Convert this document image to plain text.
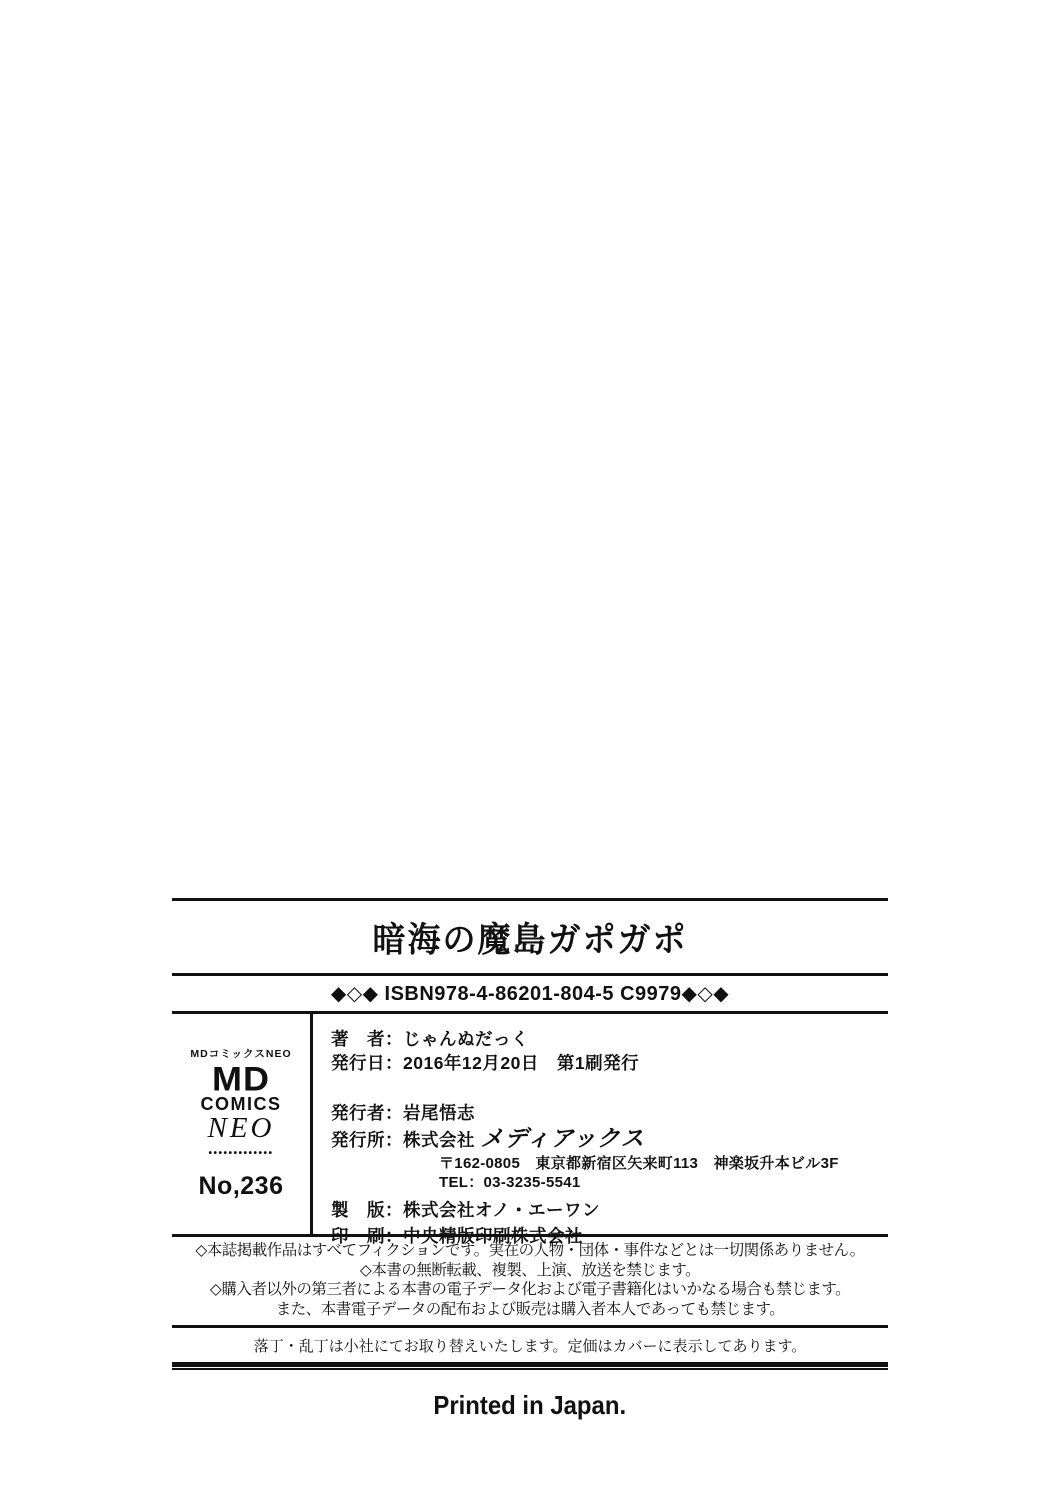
暗海の魔島ガポガポ
◆◇◆ ISBN978-4-86201-804-5 C9979◆◇◆
MDコミックスNEO
MD
COMICS
NEO
•••••••••••••
No,236
著　者：じゃんぬだっく
発行日：2016年12月20日　第1刷発行
発行者：岩尾悟志
発行所：株式会社 メディアックス
〒162-0805　東京都新宿区矢来町113　神楽坂升本ビル3F
TEL：03-3235-5541
製　版：株式会社オノ・エーワン
印　刷：中央精版印刷株式会社
◇本誌掲載作品はすべてフィクションです。実在の人物・団体・事件などとは一切関係ありません。
◇本書の無断転載、複製、上演、放送を禁じます。
◇購入者以外の第三者による本書の電子データ化および電子書籍化はいかなる場合も禁じます。
また、本書電子データの配布および販売は購入者本人であっても禁じます。
落丁・乱丁は小社にてお取り替えいたします。定価はカバーに表示してあります。
Printed in Japan.
